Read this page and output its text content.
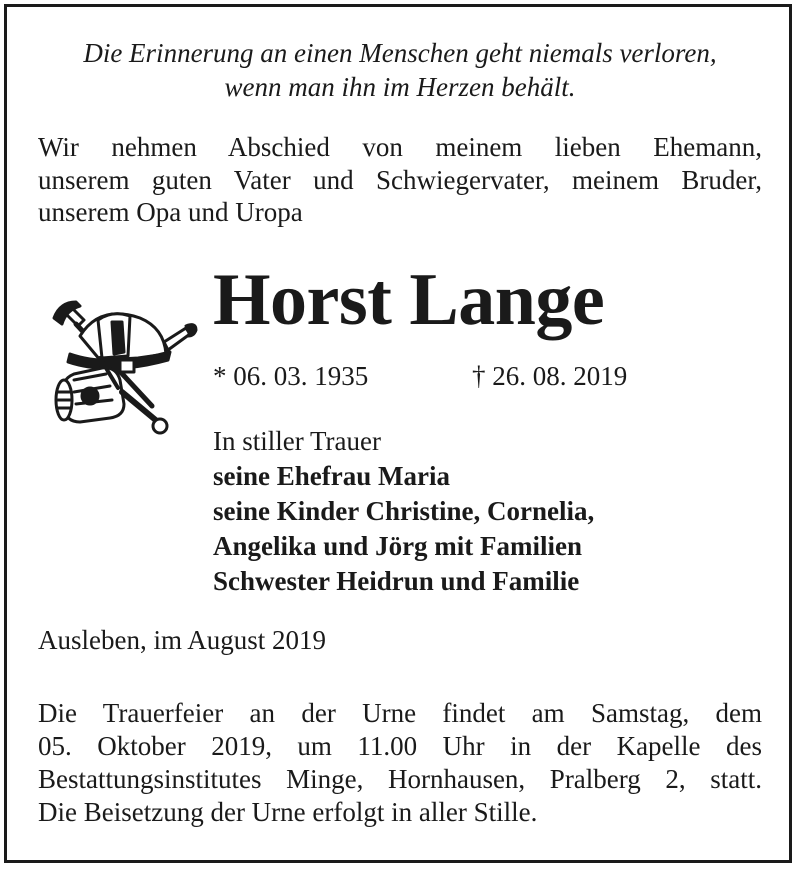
Die Erinnerung an einen Menschen geht niemals verloren,
wenn man ihn im Herzen behält.
Wir nehmen Abschied von meinem lieben Ehemann,
unserem guten Vater und Schwiegervater, meinem Bruder,
unserem Opa und Uropa
Horst Lange
* 06. 03. 1935	† 26. 08. 2019
In stiller Trauer
seine Ehefrau Maria
seine Kinder Christine, Cornelia,
Angelika und Jörg mit Familien
Schwester Heidrun und Familie
Ausleben, im August 2019
Die Trauerfeier an der Urne findet am Samstag, dem
05. Oktober 2019, um 11.00 Uhr in der Kapelle des
Bestattungsinstitutes Minge, Hornhausen, Pralberg 2, statt.
Die Beisetzung der Urne erfolgt in aller Stille.
